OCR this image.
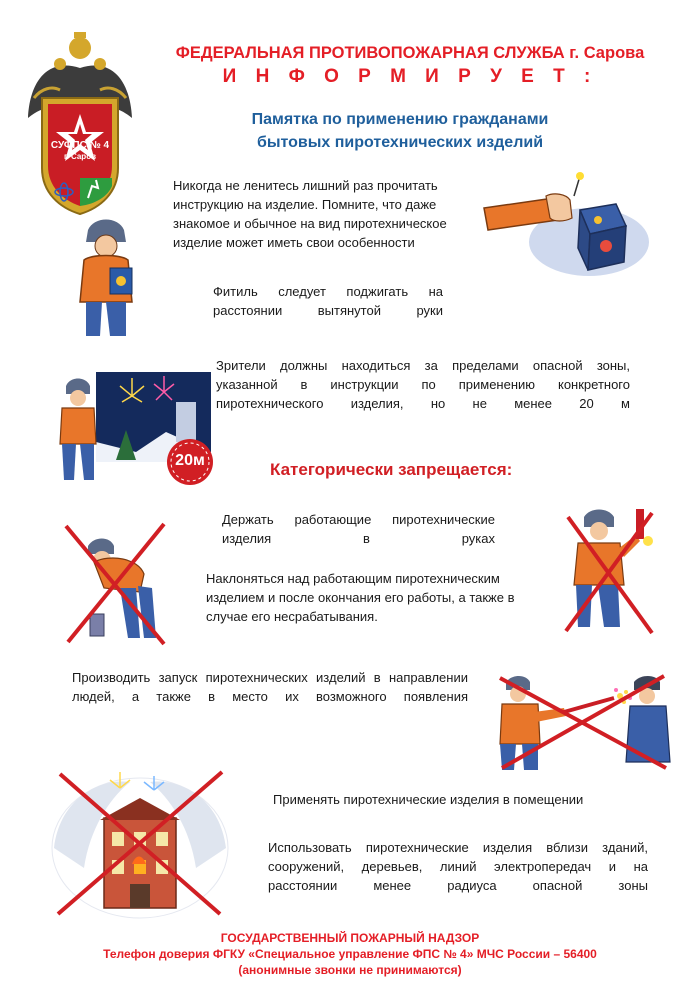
СУФПС № 4
г. Саров
ФЕДЕРАЛЬНАЯ ПРОТИВОПОЖАРНАЯ СЛУЖБА г. Сарова
И Н Ф О Р М И Р У Е Т :
Памятка по применению гражданами
бытовых пиротехнических изделий
Никогда не ленитесь лишний раз прочитать инструкцию на изделие. Помните, что даже знакомое и обычное на вид пиротехническое изделие может иметь свои особенности
Фитиль следует поджигать на расстоянии вытянутой руки
20м
Зрители должны находиться за пределами опасной зоны, указанной в инструкции по применению конкретного пиротехнического изделия, но не менее 20 м
Категорически запрещается:
Держать работающие пиротехнические изделия в руках
Наклоняться над работающим пиротехническим изделием и после окончания его работы, а также в случае его несрабатывания.
Производить запуск пиротехнических изделий в направлении людей, а также в место их возможного появления
Применять пиротехнические изделия в помещении
Использовать пиротехнические изделия вблизи зданий, сооружений, деревьев, линий электропередач и на расстоянии менее радиуса опасной зоны
ГОСУДАРСТВЕННЫЙ ПОЖАРНЫЙ НАДЗОР
Телефон доверия ФГКУ «Специальное управление ФПС № 4» МЧС России – 56400
(анонимные звонки не принимаются)
